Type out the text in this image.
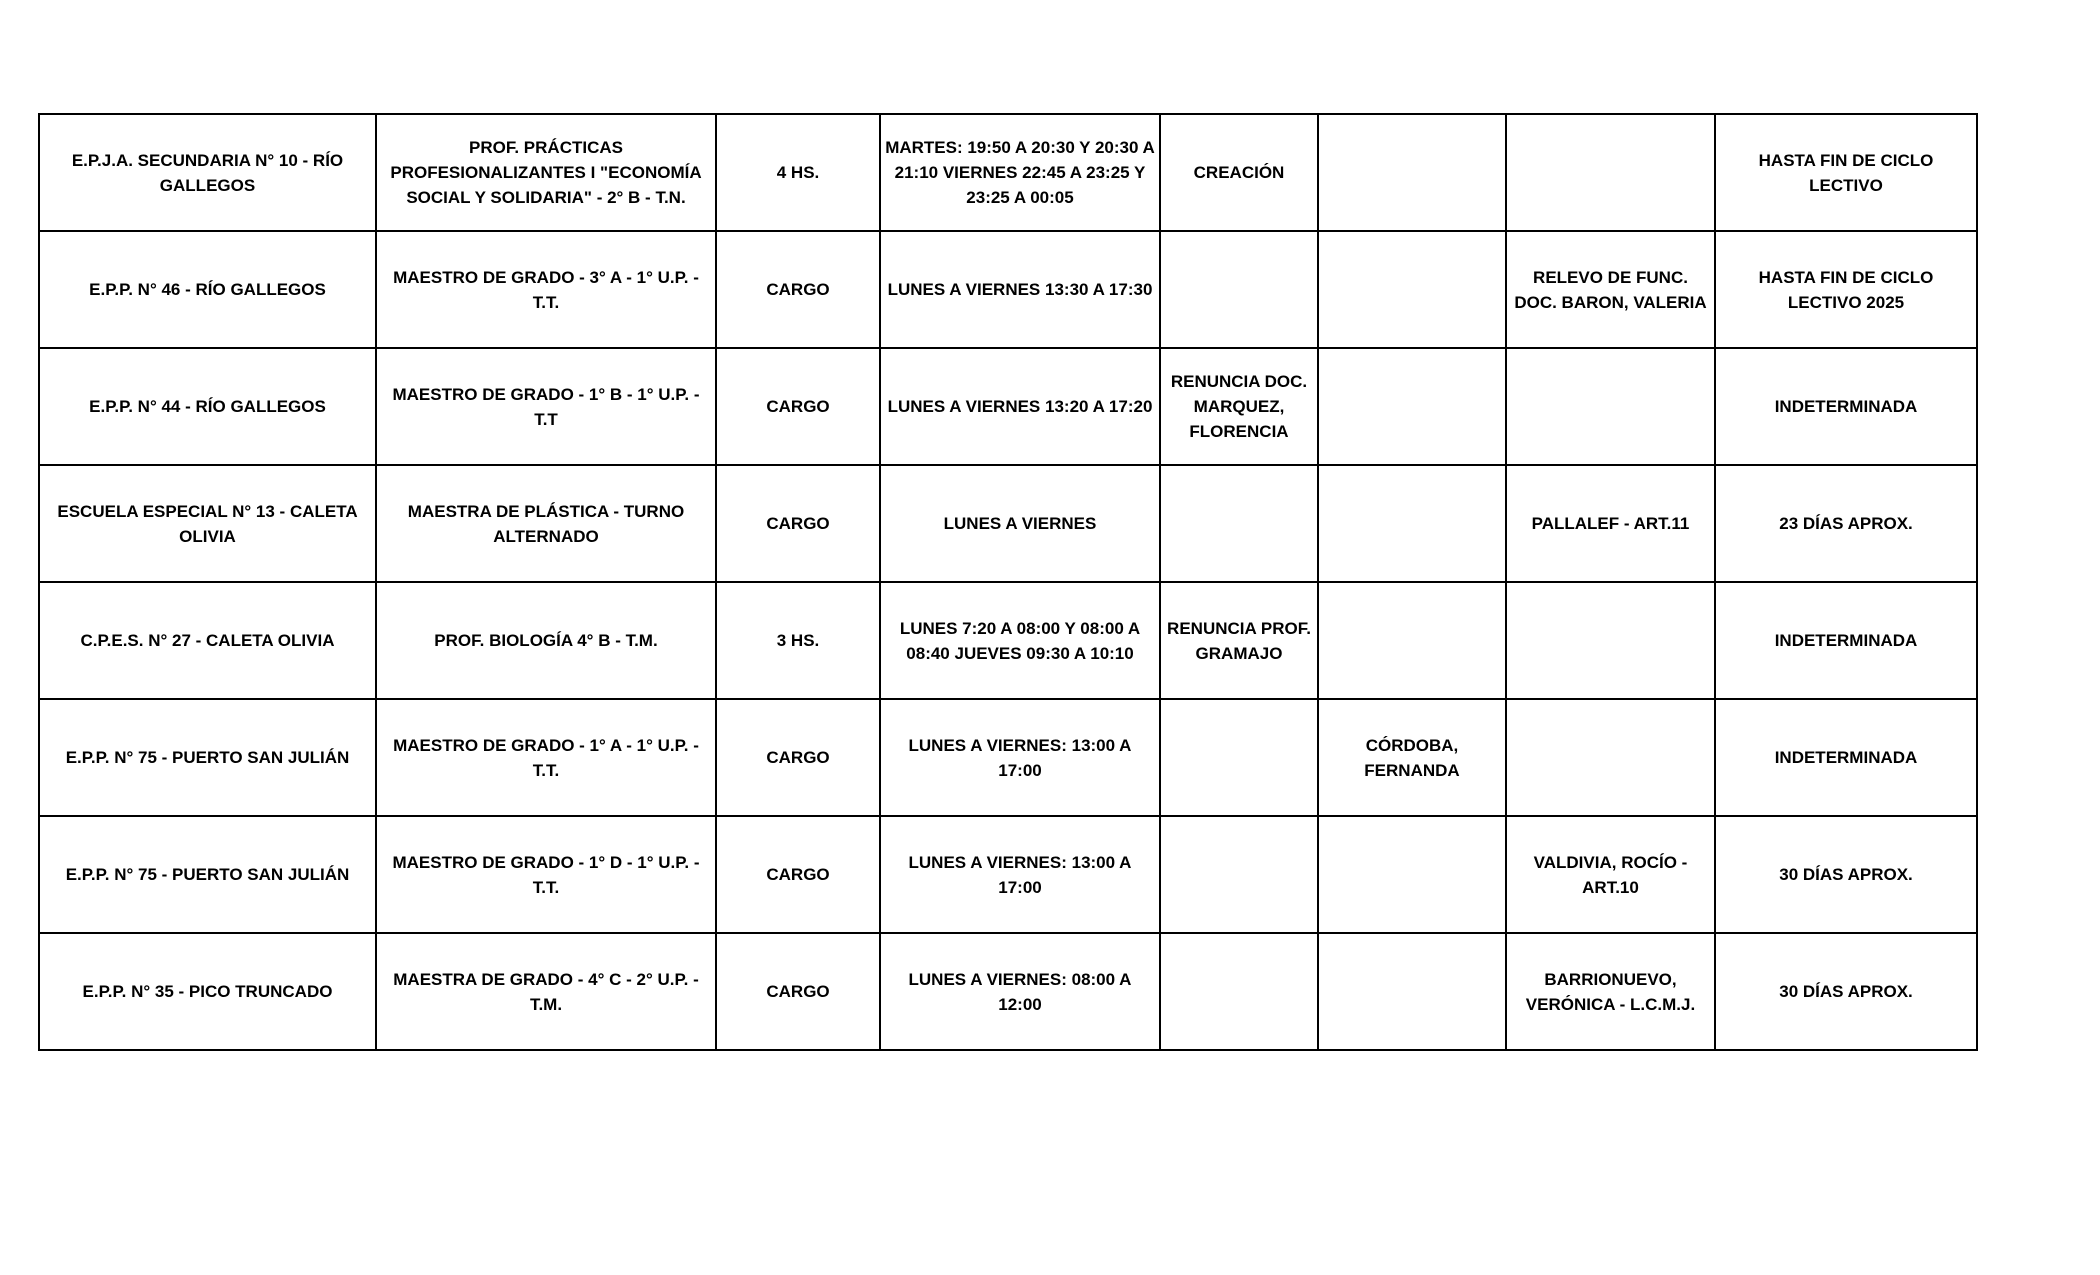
E.P.J.A. SECUNDARIA N° 10 - RÍO GALLEGOS	PROF. PRÁCTICAS PROFESIONALIZANTES I "ECONOMÍA SOCIAL Y SOLIDARIA" - 2° B - T.N.	4 HS.	MARTES: 19:50 A 20:30 Y 20:30 A 21:10 VIERNES 22:45 A 23:25 Y 23:25 A 00:05	CREACIÓN			HASTA FIN DE CICLO LECTIVO
E.P.P. N° 46 - RÍO GALLEGOS	MAESTRO DE GRADO - 3° A - 1° U.P. - T.T.	CARGO	LUNES A VIERNES 13:30 A 17:30			RELEVO DE FUNC. DOC. BARON, VALERIA	HASTA FIN DE CICLO LECTIVO 2025
E.P.P. N° 44 - RÍO GALLEGOS	MAESTRO DE GRADO - 1° B - 1° U.P. - T.T	CARGO	LUNES A VIERNES 13:20 A 17:20	RENUNCIA DOC. MARQUEZ, FLORENCIA			INDETERMINADA
ESCUELA ESPECIAL N° 13 - CALETA OLIVIA	MAESTRA DE PLÁSTICA - TURNO ALTERNADO	CARGO	LUNES A VIERNES			PALLALEF - ART.11	23 DÍAS APROX.
C.P.E.S. N° 27 - CALETA OLIVIA	PROF. BIOLOGÍA 4° B - T.M.	3 HS.	LUNES 7:20 A 08:00 Y 08:00 A 08:40 JUEVES 09:30 A 10:10	RENUNCIA PROF. GRAMAJO			INDETERMINADA
E.P.P. N° 75 - PUERTO SAN JULIÁN	MAESTRO DE GRADO - 1° A - 1° U.P. - T.T.	CARGO	LUNES A VIERNES: 13:00 A 17:00		CÓRDOBA, FERNANDA		INDETERMINADA
E.P.P. N° 75 - PUERTO SAN JULIÁN	MAESTRO DE GRADO - 1° D - 1° U.P. - T.T.	CARGO	LUNES A VIERNES: 13:00 A 17:00			VALDIVIA, ROCÍO - ART.10	30 DÍAS APROX.
E.P.P. N° 35 - PICO TRUNCADO	MAESTRA DE GRADO - 4° C - 2° U.P. - T.M.	CARGO	LUNES A VIERNES: 08:00 A 12:00			BARRIONUEVO, VERÓNICA - L.C.M.J.	30 DÍAS APROX.
